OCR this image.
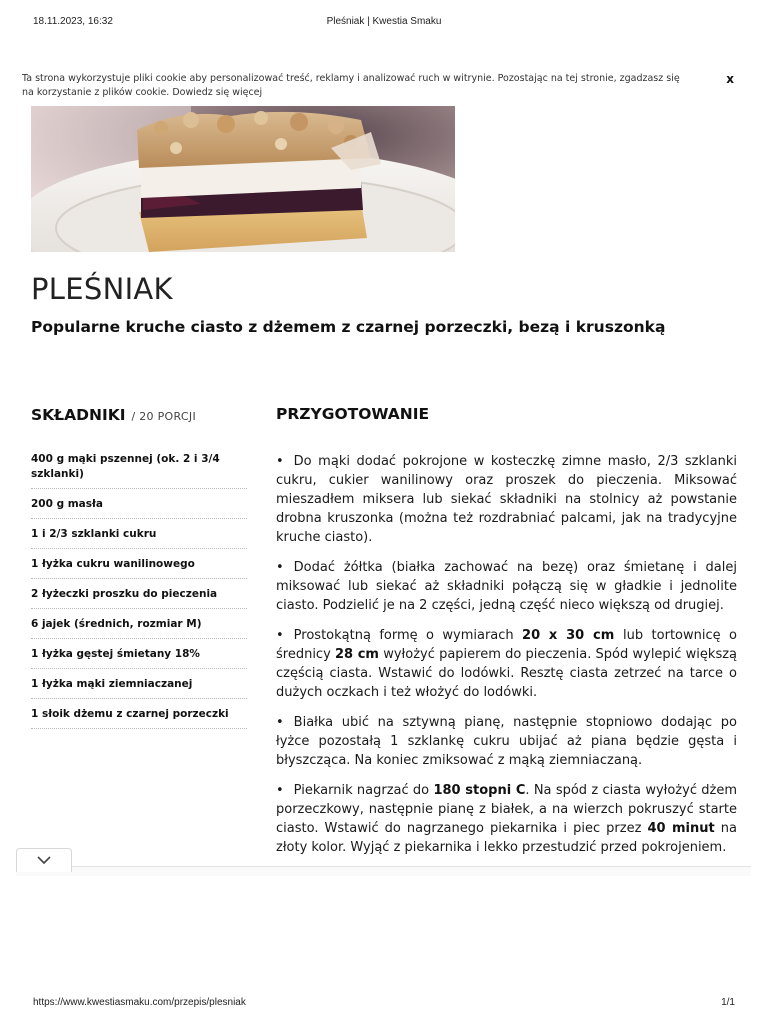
18.11.2023, 16:32	Pleśniak | Kwestia Smaku
Ta strona wykorzystuje pliki cookie aby personalizować treść, reklamy i analizować ruch w witrynie. Pozostając na tej stronie, zgadzasz się na korzystanie z plików cookie. Dowiedz się więcej
x
PLEŚNIAK
Popularne kruche ciasto z dżemem z czarnej porzeczki, bezą i kruszonką
SKŁADNIKI / 20 PORCJI
400 g mąki pszennej (ok. 2 i 3/4 szklanki)
200 g masła
1 i 2/3 szklanki cukru
1 łyżka cukru wanilinowego
2 łyżeczki proszku do pieczenia
6 jajek (średnich, rozmiar M)
1 łyżka gęstej śmietany 18%
1 łyżka mąki ziemniaczanej
1 słoik dżemu z czarnej porzeczki
PRZYGOTOWANIE
• Do mąki dodać pokrojone w kosteczkę zimne masło, 2/3 szklanki cukru, cukier wanilinowy oraz proszek do pieczenia. Miksować mieszadłem miksera lub siekać składniki na stolnicy aż powstanie drobna kruszonka (można też rozdrabniać palcami, jak na tradycyjne kruche ciasto).
• Dodać żółtka (białka zachować na bezę) oraz śmietanę i dalej miksować lub siekać aż składniki połączą się w gładkie i jednolite ciasto. Podzielić je na 2 części, jedną część nieco większą od drugiej.
• Prostokątną formę o wymiarach 20 x 30 cm lub tortownicę o średnicy 28 cm wyłożyć papierem do pieczenia. Spód wylepić większą częścią ciasta. Wstawić do lodówki. Resztę ciasta zetrzeć na tarce o dużych oczkach i też włożyć do lodówki.
• Białka ubić na sztywną pianę, następnie stopniowo dodając po łyżce pozostałą 1 szklankę cukru ubijać aż piana będzie gęsta i błyszcząca. Na koniec zmiksować z mąką ziemniaczaną.
• Piekarnik nagrzać do 180 stopni C. Na spód z ciasta wyłożyć dżem porzeczkowy, następnie pianę z białek, a na wierzch pokruszyć starte ciasto. Wstawić do nagrzanego piekarnika i piec przez 40 minut na złoty kolor. Wyjąć z piekarnika i lekko przestudzić przed pokrojeniem.
https://www.kwestiasmaku.com/przepis/plesniak	1/1
